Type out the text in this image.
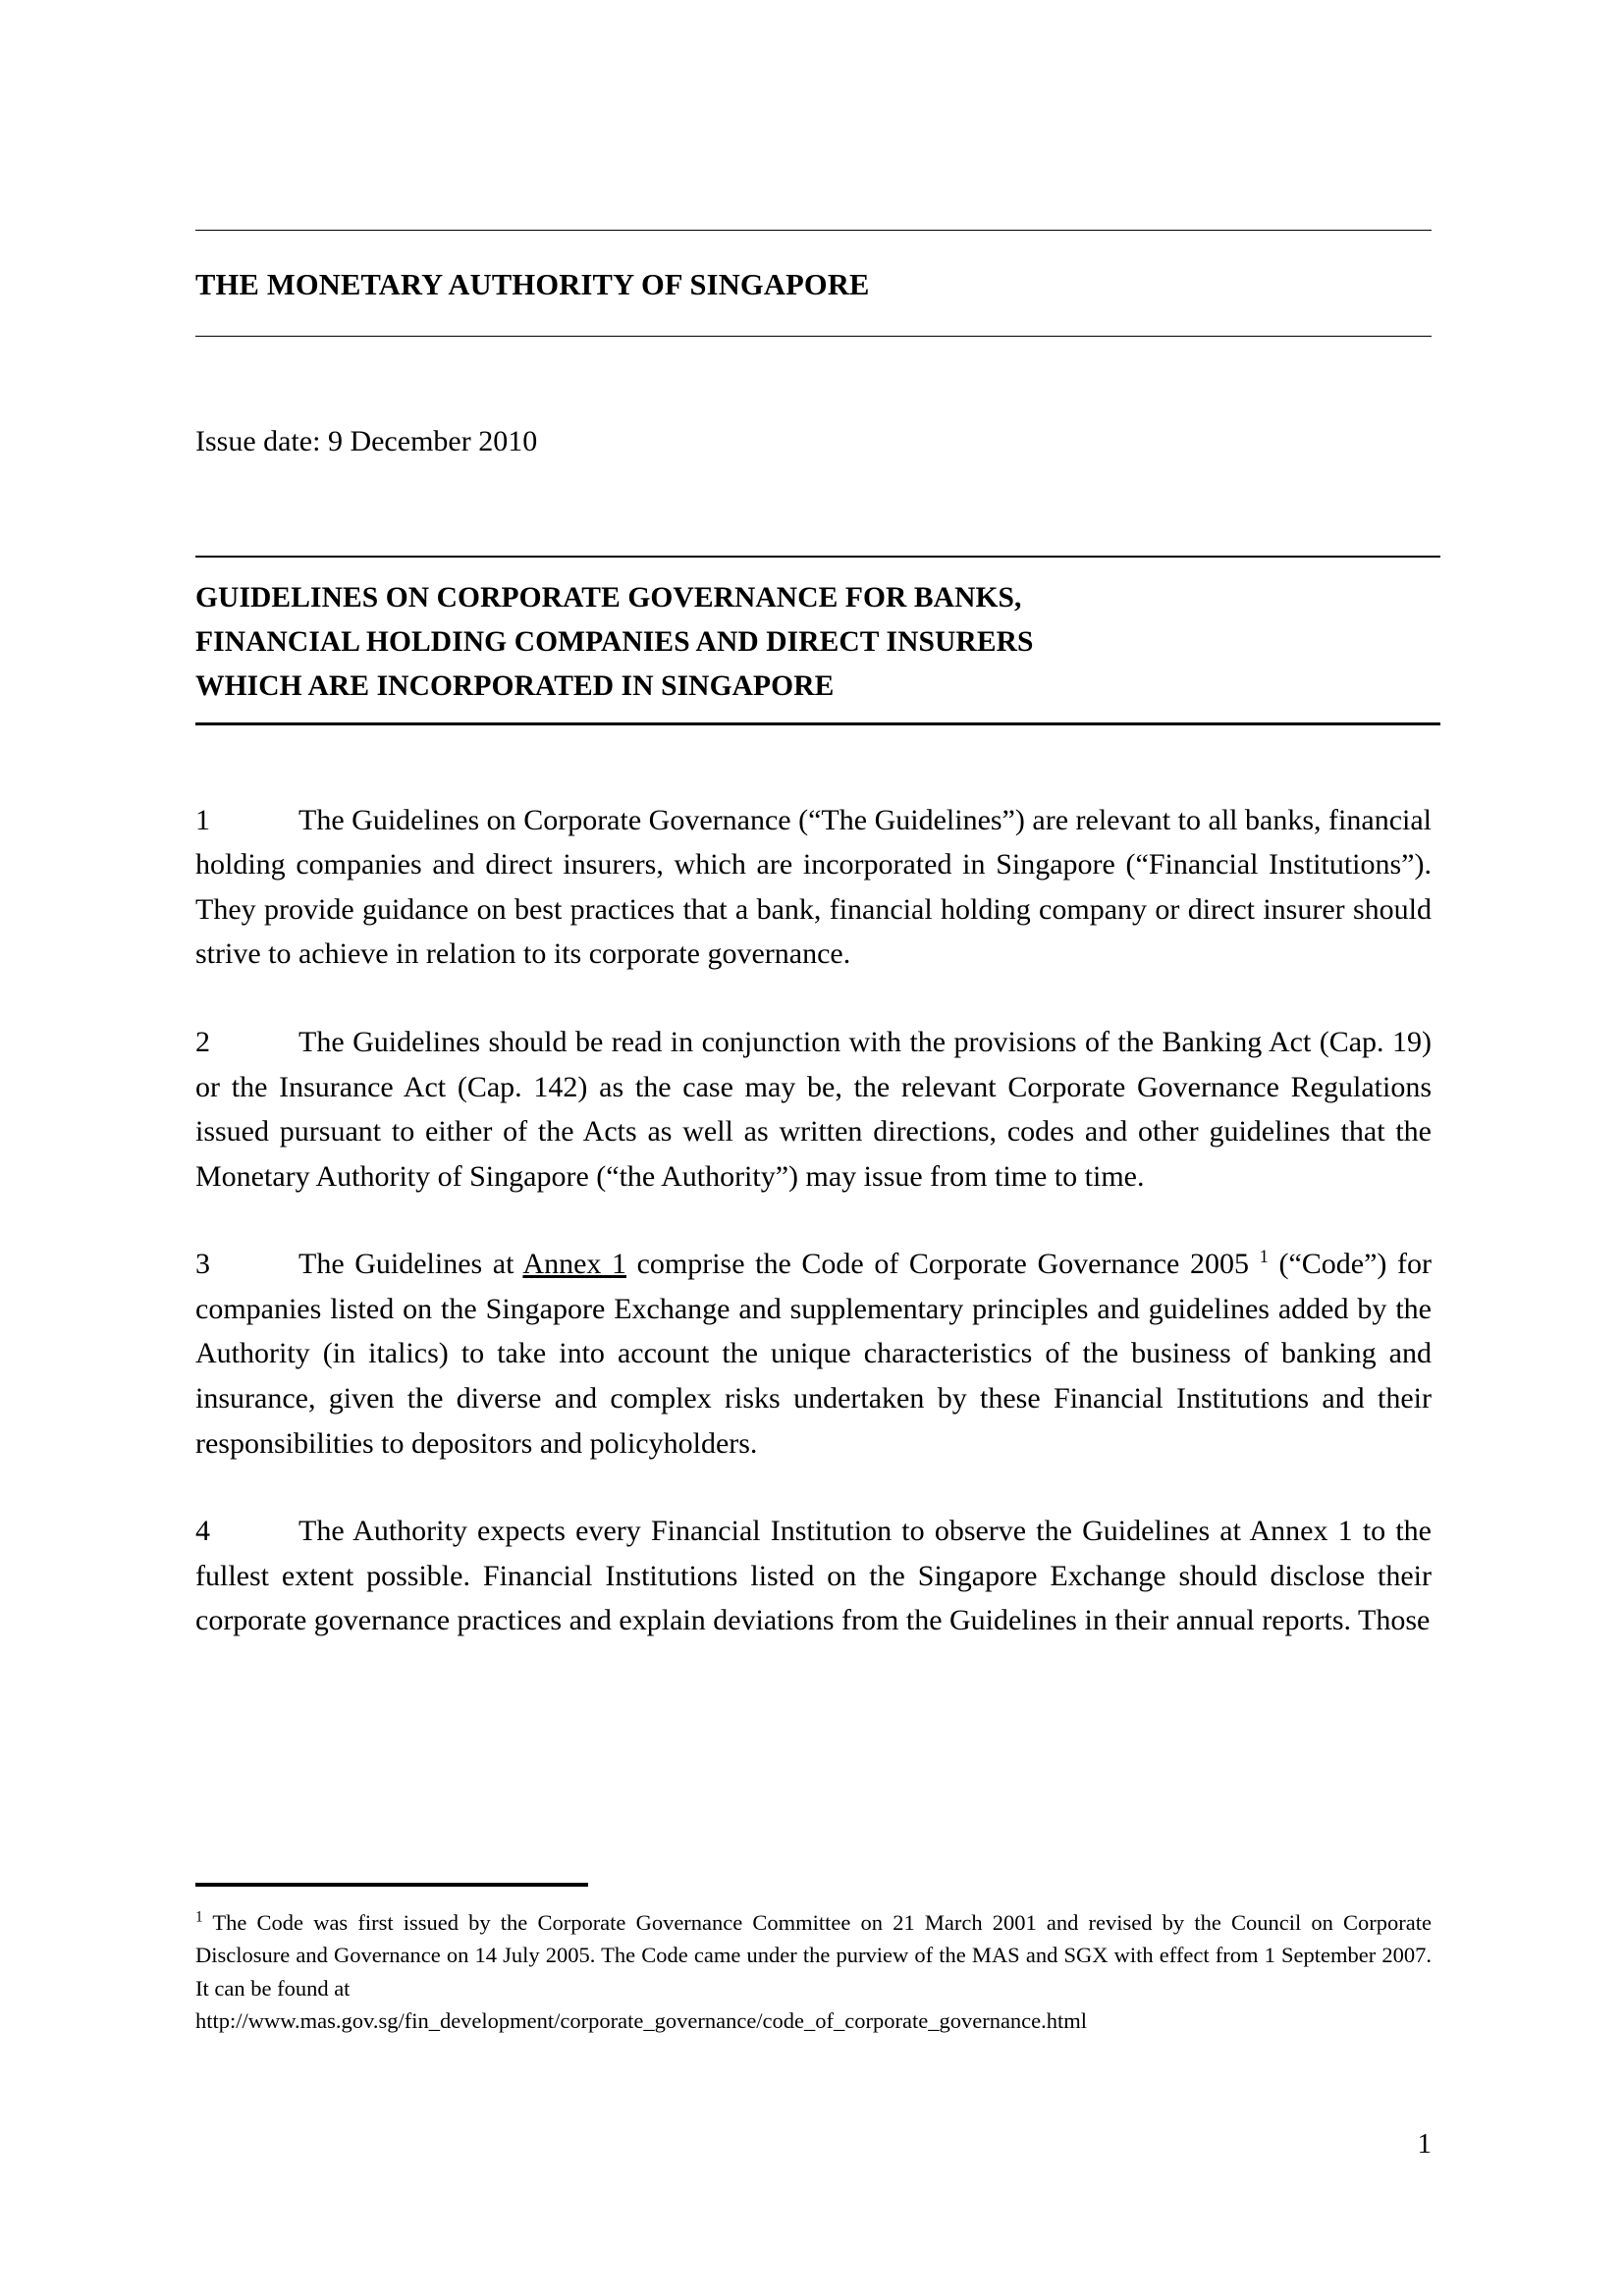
THE MONETARY AUTHORITY OF SINGAPORE
Issue date: 9 December 2010
GUIDELINES ON CORPORATE GOVERNANCE FOR BANKS,
FINANCIAL HOLDING COMPANIES AND DIRECT INSURERS
WHICH ARE INCORPORATED IN SINGAPORE

1	The Guidelines on Corporate Governance (“The Guidelines”) are relevant to all banks, financial holding companies and direct insurers, which are incorporated in Singapore (“Financial Institutions”). They provide guidance on best practices that a bank, financial holding company or direct insurer should strive to achieve in relation to its corporate governance.

2	The Guidelines should be read in conjunction with the provisions of the Banking Act (Cap. 19) or the Insurance Act (Cap. 142) as the case may be, the relevant Corporate Governance Regulations issued pursuant to either of the Acts as well as written directions, codes and other guidelines that the Monetary Authority of Singapore (“the Authority”) may issue from time to time.

3	The Guidelines at Annex 1 comprise the Code of Corporate Governance 2005 $^1$ (“Code”) for companies listed on the Singapore Exchange and supplementary principles and guidelines added by the Authority (in italics) to take into account the unique characteristics of the business of banking and insurance, given the diverse and complex risks undertaken by these Financial Institutions and their responsibilities to depositors and policyholders.

4	The Authority expects every Financial Institution to observe the Guidelines at Annex 1 to the fullest extent possible. Financial Institutions listed on the Singapore Exchange should disclose their corporate governance practices and explain deviations from the Guidelines in their annual reports. Those

$^1$ The Code was first issued by the Corporate Governance Committee on 21 March 2001 and revised by the Council on Corporate Disclosure and Governance on 14 July 2005. The Code came under the purview of the MAS and SGX with effect from 1 September 2007. It can be found at
http://www.mas.gov.sg/fin_development/corporate_governance/code_of_corporate_governance.html
1
